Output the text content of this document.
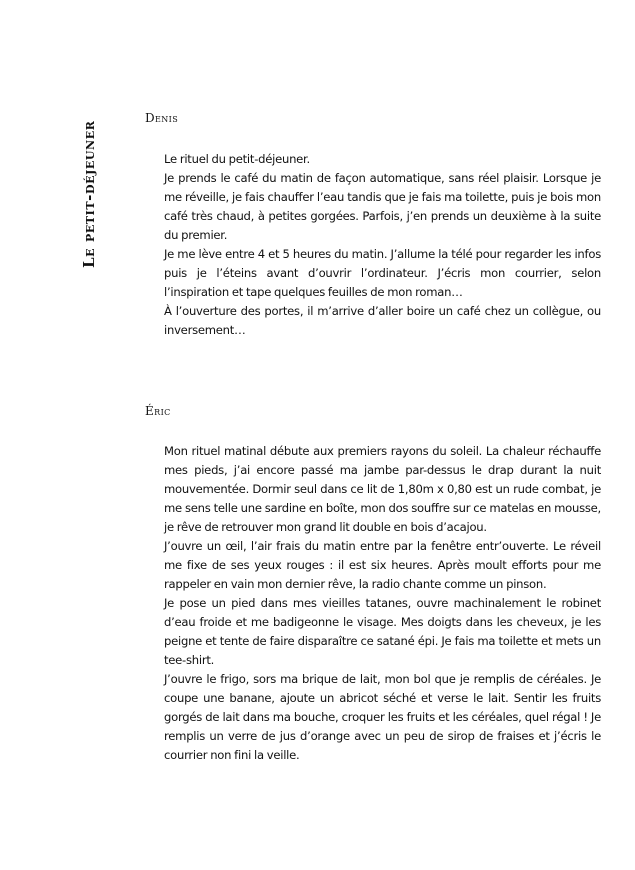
Le petit-déjeuner
Denis

Le rituel du petit-déjeuner.

Je prends le café du matin de façon automatique, sans réel plaisir. Lorsque je me réveille, je fais chauffer l’eau tandis que je fais ma toilette, puis je bois mon café très chaud, à petites gorgées. Parfois, j’en prends un deuxième à la suite du premier.

Je me lève entre 4 et 5 heures du matin. J’allume la télé pour regarder les infos puis je l’éteins avant d’ouvrir l’ordinateur. J’écris mon courrier, selon l’inspiration et tape quelques feuilles de mon roman…

À l’ouverture des portes, il m’arrive d’aller boire un café chez un collègue, ou inversement…

Éric

Mon rituel matinal débute aux premiers rayons du soleil. La chaleur réchauffe mes pieds, j’ai encore passé ma jambe par-dessus le drap durant la nuit mouvementée. Dormir seul dans ce lit de 1,80m x 0,80 est un rude combat, je me sens telle une sardine en boîte, mon dos souffre sur ce matelas en mousse, je rêve de retrouver mon grand lit double en bois d’acajou.

J’ouvre un œil, l’air frais du matin entre par la fenêtre entr’ouverte. Le réveil me fixe de ses yeux rouges : il est six heures. Après moult efforts pour me rappeler en vain mon dernier rêve, la radio chante comme un pinson.

Je pose un pied dans mes vieilles tatanes, ouvre machinalement le robinet d’eau froide et me badigeonne le visage. Mes doigts dans les cheveux, je les peigne et tente de faire disparaître ce satané épi. Je fais ma toilette et mets un tee-shirt.

J’ouvre le frigo, sors ma brique de lait, mon bol que je remplis de céréales. Je coupe une banane, ajoute un abricot séché et verse le lait. Sentir les fruits gorgés de lait dans ma bouche, croquer les fruits et les céréales, quel régal ! Je remplis un verre de jus d’orange avec un peu de sirop de fraises et j’écris le courrier non fini la veille.
